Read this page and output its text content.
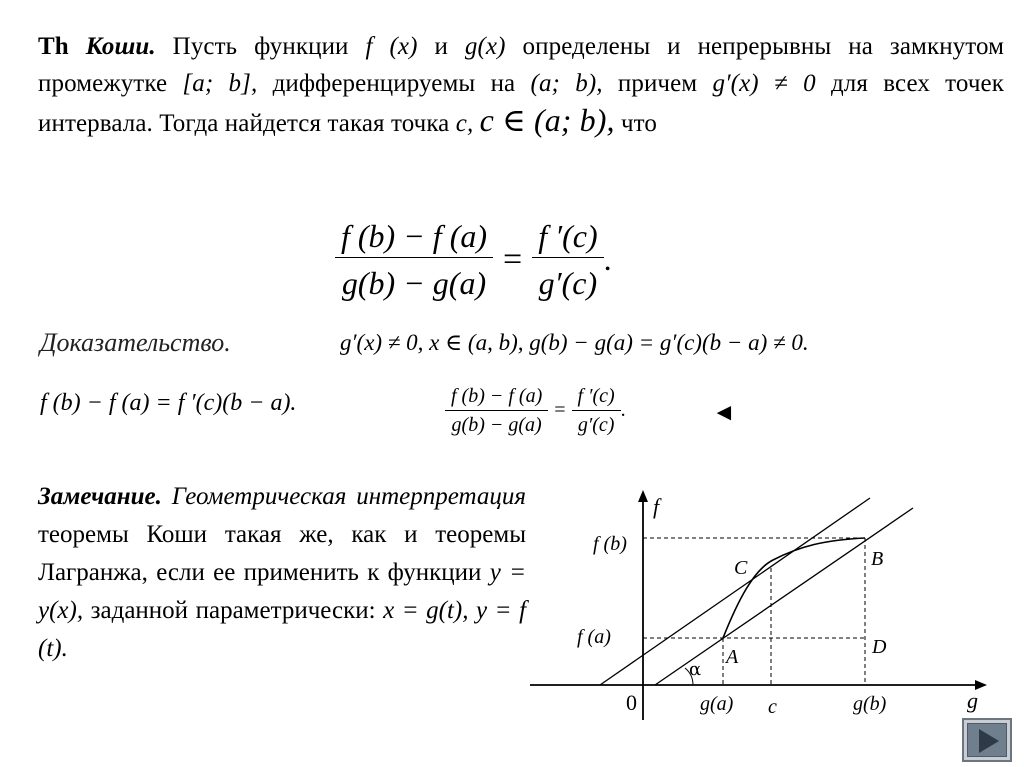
Th Коши. Пусть функции f (x) и g(x) определены и непрерывны на замкнутом промежутке [a; b], дифференцируемы на (a; b), причем g′(x) ≠ 0 для всех точек интервала. Тогда найдется такая точка c, c ∈ (a; b), что
$\frac{f (b) - f (a)}{g(b) - g(a)} = \frac{f '(c)}{g'(c)}$ .
Доказательство.	g′(x) ≠ 0, x ∈ (a, b), g(b) − g(a) = g′(c)(b − a) ≠ 0.
f (b) − f (a) = f ′(c)(b − a).	$\frac{f (b) - f (a)}{g(b) - g(a)} = \frac{f '(c)}{g'(c)}$ .	◄
Замечание. Геометрическая интерпретация теоремы Коши такая же, как и теоремы Лагранжа, если ее применить к функции y = y(x), заданной параметрически: x = g(t), y = f (t).
f
g
0
f (b)
f (a)
g(a)	g(b)
c
A
B
C
D
α
